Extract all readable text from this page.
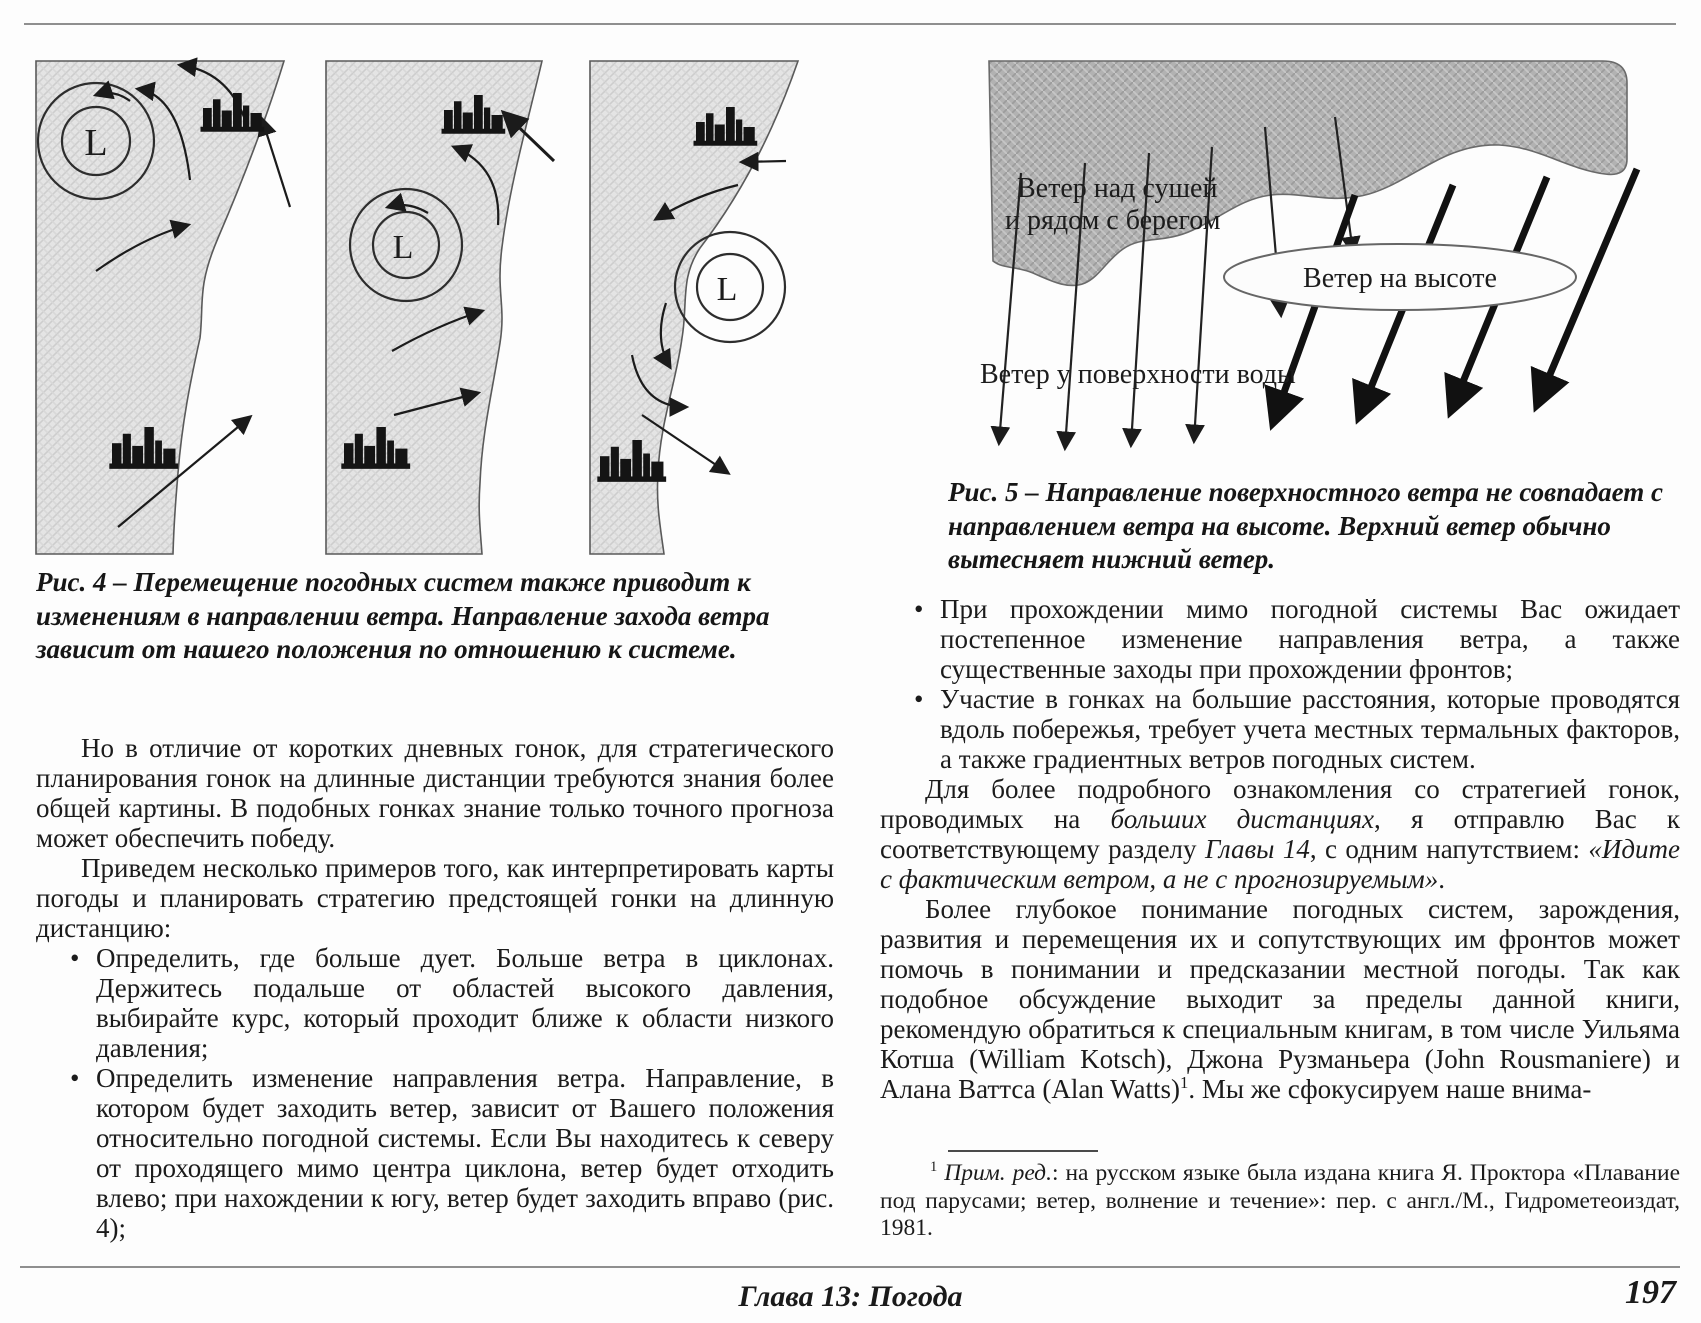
L
L
L
Рис. 4 – Перемещение погодных систем также приводит к изменениям в направлении ветра. Направление захода ветра зависит от нашего положения по отношению к системе.
Ветер над сушей
и рядом с берегом
Ветер на высоте
Ветер у поверхности воды
Рис. 5 – Направление поверхностного ветра не совпадает с направлением ветра на высоте. Верхний ветер обычно вытесняет нижний ветер.

Но в отличие от коротких дневных гонок, для стратегического планирования гонок на длинные дистанции требуются знания более общей картины. В подобных гонках знание только точного прогноза может обеспечить победу.

Приведем несколько примеров того, как интерпретировать карты погоды и планировать стратегию предстоящей гонки на длинную дистанцию:

• Определить, где больше дует. Больше ветра в циклонах. Держитесь подальше от областей высокого давления, выбирайте курс, который проходит ближе к области низкого давления;
• Определить изменение направления ветра. Направление, в котором будет заходить ветер, зависит от Вашего положения относительно погодной системы. Если Вы находитесь к северу от проходящего мимо центра циклона, ветер будет отходить влево; при нахождении к югу, ветер будет заходить вправо (рис. 4);
• При прохождении мимо погодной системы Вас ожидает постепенное изменение направления ветра, а также существенные заходы при прохождении фронтов;
• Участие в гонках на большие расстояния, которые проводятся вдоль побережья, требует учета местных термальных факторов, а также градиентных ветров погодных систем.

Для более подробного ознакомления со стратегией гонок, проводимых на больших дистанциях, я отправлю Вас к соответствующему разделу Главы 14, с одним напутствием: «Идите с фактическим ветром, а не с прогнозируемым».

Более глубокое понимание погодных систем, зарождения, развития и перемещения их и сопутствующих им фронтов может помочь в понимании и предсказании местной погоды. Так как подобное обсуждение выходит за пределы данной книги, рекомендую обратиться к специальным книгам, в том числе Уильяма Котша (William Kotsch), Джона Рузманьера (John Rousmaniere) и Алана Ваттса (Alan Watts)$^1$. Мы же сфокусируем наше внима-

$^1$ Прим. ред.: на русском языке была издана книга Я. Проктора «Плавание под парусами; ветер, волнение и течение»: пер. с англ./М., Гидрометеоиздат, 1981.

Глава 13: Погода	197
